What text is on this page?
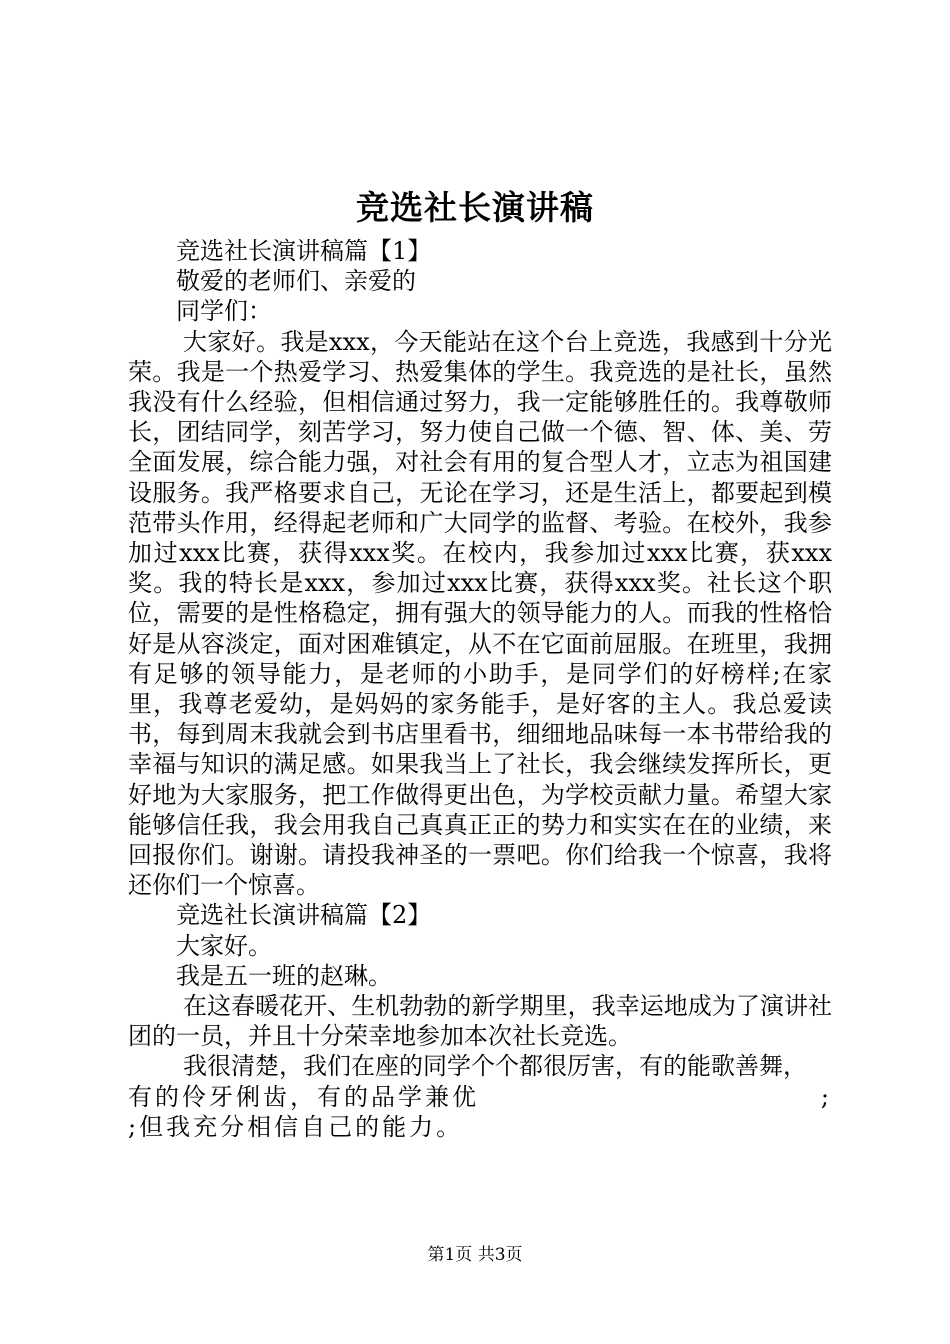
竞选社长演讲稿

竞选社长演讲稿篇【1】

敬爱的老师们、亲爱的

同学们：

大家好。我是xxx，今天能站在这个台上竞选，我感到十分光荣。我是一个热爱学习、热爱集体的学生。我竞选的是社长，虽然我没有什么经验，但相信通过努力，我一定能够胜任的。我尊敬师长，团结同学，刻苦学习，努力使自己做一个德、智、体、美、劳全面发展，综合能力强，对社会有用的复合型人才，立志为祖国建设服务。我严格要求自己，无论在学习，还是生活上，都要起到模范带头作用，经得起老师和广大同学的监督、考验。在校外，我参加过xxx比赛，获得xxx奖。在校内，我参加过xxx比赛，获xxx奖。我的特长是xxx，参加过xxx比赛，获得xxx奖。社长这个职位，需要的是性格稳定，拥有强大的领导能力的人。而我的性格恰好是从容淡定，面对困难镇定，从不在它面前屈服。在班里，我拥有足够的领导能力，是老师的小助手，是同学们的好榜样;在家里，我尊老爱幼，是妈妈的家务能手，是好客的主人。我总爱读书，每到周末我就会到书店里看书，细细地品味每一本书带给我的幸福与知识的满足感。如果我当上了社长，我会继续发挥所长，更好地为大家服务，把工作做得更出色，为学校贡献力量。希望大家能够信任我，我会用我自己真真正正的势力和实实在在的业绩，来回报你们。谢谢。请投我神圣的一票吧。你们给我一个惊喜，我将还你们一个惊喜。

竞选社长演讲稿篇【2】

大家好。

我是五一班的赵琳。

在这春暖花开、生机勃勃的新学期里，我幸运地成为了演讲社团的一员，并且十分荣幸地参加本次社长竞选。

我很清楚，我们在座的同学个个都很厉害，有的能歌善舞，

有的伶牙俐齿，有的品学兼优	;

;但我充分相信自己的能力。

第1页 共3页
